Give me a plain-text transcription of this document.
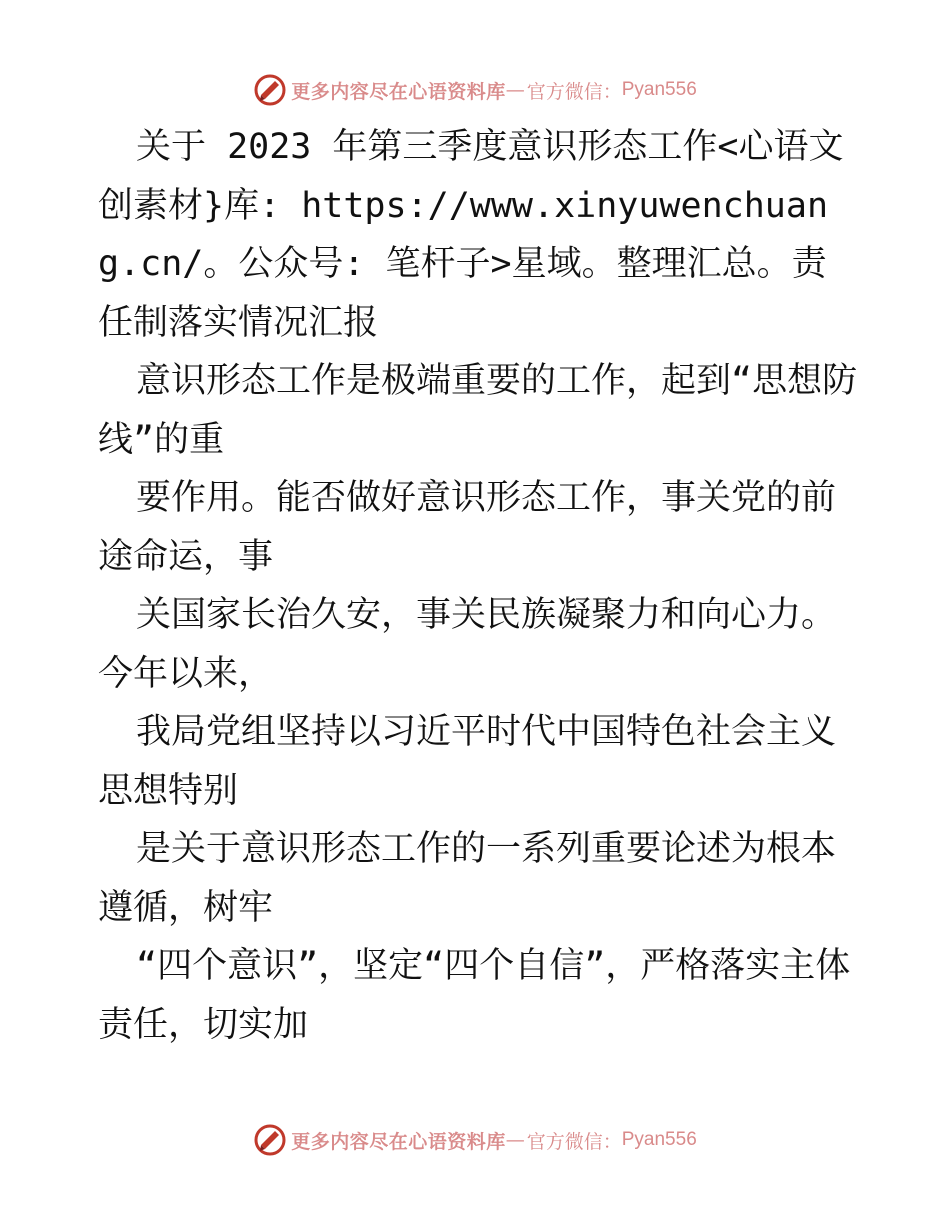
更多内容尽在心语资料库 — 官方微信： Pyan556

关于 2023 年第三季度意识形态工作<心语文创素材}库: https://www.xinyuwenchuang.cn/。公众号: 笔杆子>星域。整理汇总。责任制落实情况汇报

意识形态工作是极端重要的工作，起到“思想防线”的重

要作用。能否做好意识形态工作，事关党的前途命运，事

关国家长治久安，事关民族凝聚力和向心力。今年以来，

我局党组坚持以习近平时代中国特色社会主义思想特别

是关于意识形态工作的一系列重要论述为根本遵循，树牢

“四个意识”，坚定“四个自信”，严格落实主体责任，切实加

更多内容尽在心语资料库 — 官方微信： Pyan556
